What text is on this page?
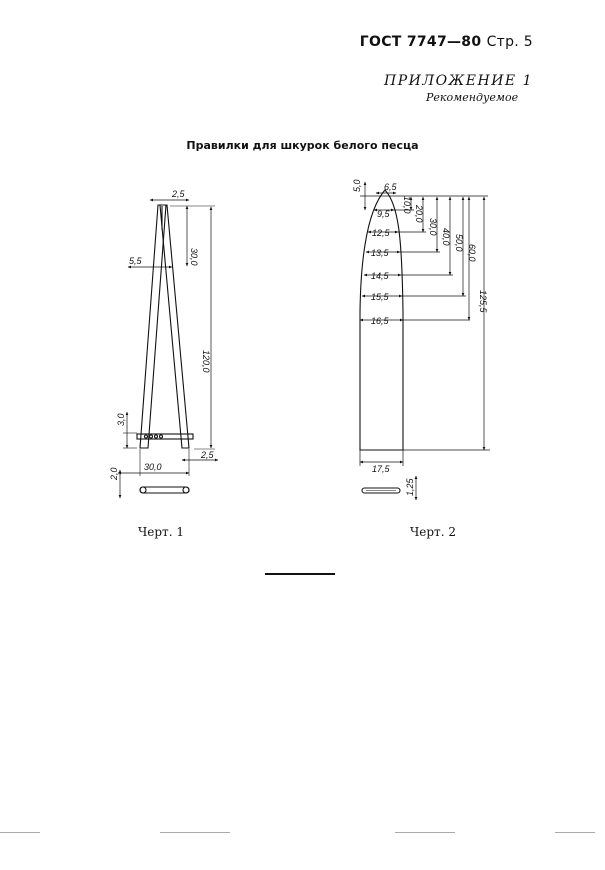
ГОСТ 7747—80 Стр. 5
ПРИЛОЖЕНИЕ 1
Рекомендуемое
Правилки для шкурок белого песца
2,5
30,0
5,5
120,0
3,0
30,0
2,5
2,0
6,5
5,0
9,5
12,5
13,5
14,5
15,5
16,5
17,5
10,0
20,0
30,0
40,0 50,0
60,0
125,5
1,25
Черт. 1	Черт. 2
